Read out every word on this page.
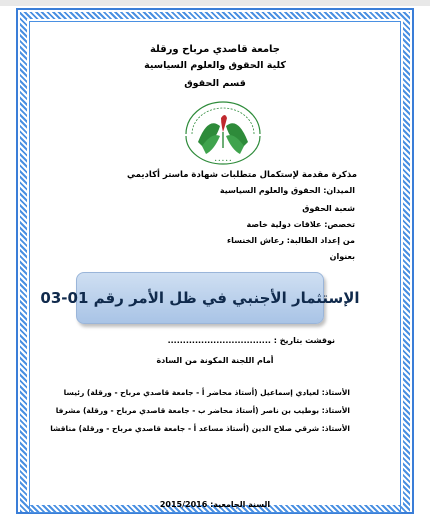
جامعة قاصدي مرباح ورقلة
كلية الحقوق والعلوم السياسية
قسم الحقوق
• • • • •
مذكرة مقدمة لإستكمال متطلبات شهادة ماستر أكاديمي
الميدان: الحقوق والعلوم السياسية
شعبة الحقوق
تخصص: علاقات دولية خاصة
من إعداد الطالبة: رعاش الخنساء
بعنوان
الإستثمار الأجنبي في ظل الأمر رقم 01-03
نوقشت بتاريخ : ..................................
أمام اللجنة المكونة من السادة
الأستاذ: لعيادي إسماعيل (أستاذ محاضر أ - جامعة قاصدي مرباح - ورقلة) رئيسا
الأستاذ: بوطيب بن ناصر (أستاذ محاضر ب - جامعة قاصدي مرباح - ورقلة) مشرفا
الأستاذ: شرقي صلاح الدين (أستاذ مساعد أ - جامعة قاصدي مرباح - ورقلة) مناقشا
السنة الجامعية: 2015/2016
